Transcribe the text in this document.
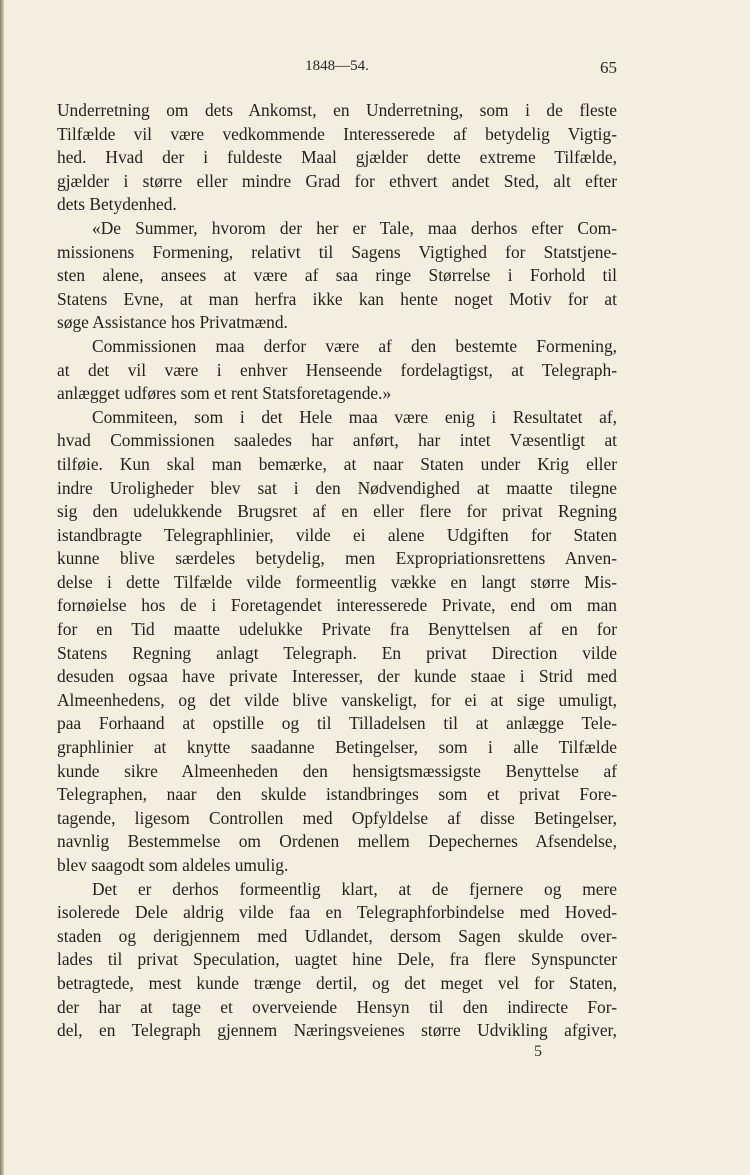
1848—54.	65
Underretning om dets Ankomst, en Underretning, som i de fleste
Tilfælde vil være vedkommende Interesserede af betydelig Vigtig-
hed. Hvad der i fuldeste Maal gjælder dette extreme Tilfælde,
gjælder i større eller mindre Grad for ethvert andet Sted, alt efter
dets Betydenhed.
«De Summer, hvorom der her er Tale, maa derhos efter Com-
missionens Formening, relativt til Sagens Vigtighed for Statstjene-
sten alene, ansees at være af saa ringe Størrelse i Forhold til
Statens Evne, at man herfra ikke kan hente noget Motiv for at
søge Assistance hos Privatmænd.
Commissionen maa derfor være af den bestemte Formening,
at det vil være i enhver Henseende fordelagtigst, at Telegraph-
anlægget udføres som et rent Statsforetagende.»
Commiteen, som i det Hele maa være enig i Resultatet af,
hvad Commissionen saaledes har anført, har intet Væsentligt at
tilføie. Kun skal man bemærke, at naar Staten under Krig eller
indre Uroligheder blev sat i den Nødvendighed at maatte tilegne
sig den udelukkende Brugsret af en eller flere for privat Regning
istandbragte Telegraphlinier, vilde ei alene Udgiften for Staten
kunne blive særdeles betydelig, men Expropriationsrettens Anven-
delse i dette Tilfælde vilde formeentlig vække en langt større Mis-
fornøielse hos de i Foretagendet interesserede Private, end om man
for en Tid maatte udelukke Private fra Benyttelsen af en for
Statens Regning anlagt Telegraph. En privat Direction vilde
desuden ogsaa have private Interesser, der kunde staae i Strid med
Almeenhedens, og det vilde blive vanskeligt, for ei at sige umuligt,
paa Forhaand at opstille og til Tilladelsen til at anlægge Tele-
graphlinier at knytte saadanne Betingelser, som i alle Tilfælde
kunde sikre Almeenheden den hensigtsmæssigste Benyttelse af
Telegraphen, naar den skulde istandbringes som et privat Fore-
tagende, ligesom Controllen med Opfyldelse af disse Betingelser,
navnlig Bestemmelse om Ordenen mellem Depechernes Afsendelse,
blev saagodt som aldeles umulig.
Det er derhos formeentlig klart, at de fjernere og mere
isolerede Dele aldrig vilde faa en Telegraphforbindelse med Hoved-
staden og derigjennem med Udlandet, dersom Sagen skulde over-
lades til privat Speculation, uagtet hine Dele, fra flere Synspuncter
betragtede, mest kunde trænge dertil, og det meget vel for Staten,
der har at tage et overveiende Hensyn til den indirecte For-
del, en Telegraph gjennem Næringsveienes større Udvikling afgiver,
5
